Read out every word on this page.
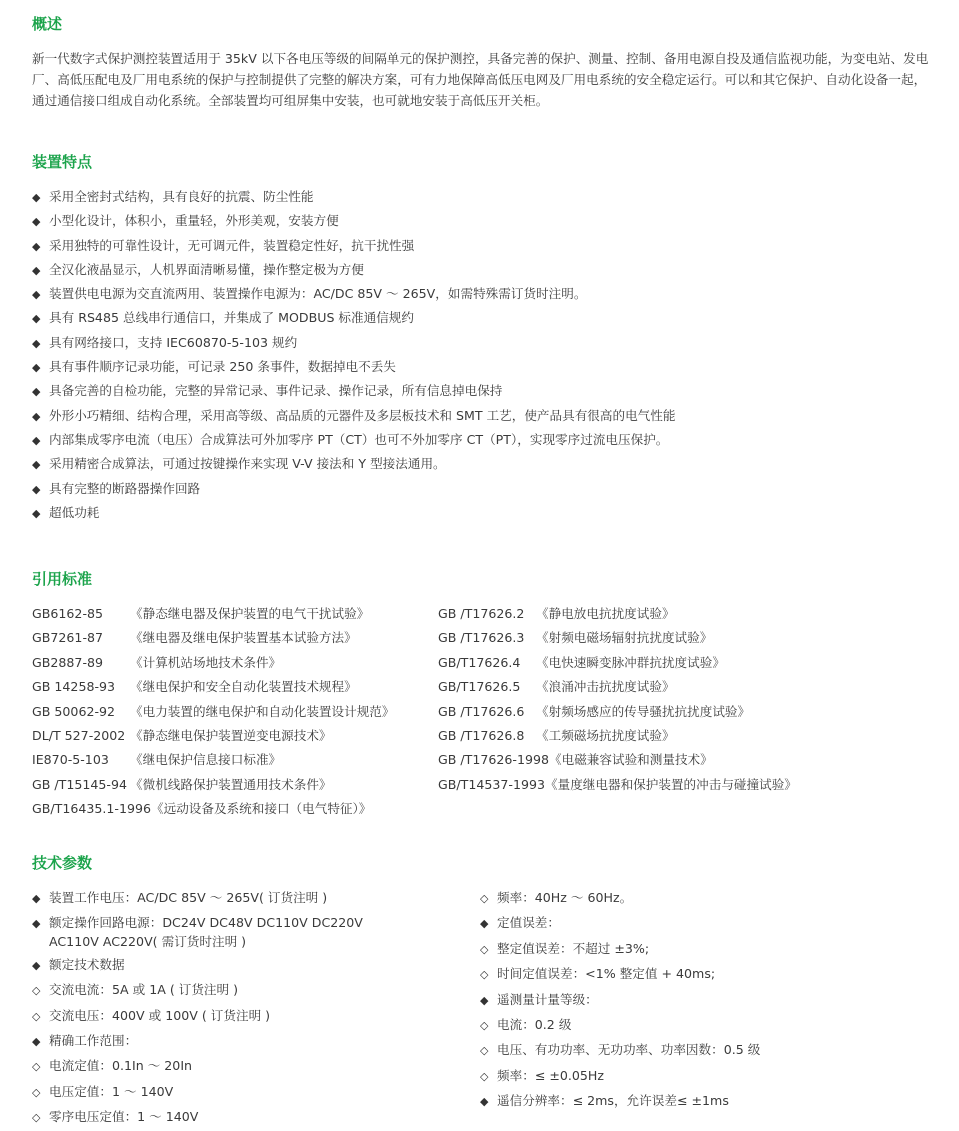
概述

新一代数字式保护测控装置适用于 35kV 以下各电压等级的间隔单元的保护测控，具备完善的保护、测量、控制、备用电源自投及通信监视功能，为变电站、发电厂、高低压配电及厂用电系统的保护与控制提供了完整的解决方案，可有力地保障高低压电网及厂用电系统的安全稳定运行。可以和其它保护、自动化设备一起，通过通信接口组成自动化系统。全部装置均可组屏集中安装，也可就地安装于高低压开关柜。

装置特点
◆ 采用全密封式结构，具有良好的抗震、防尘性能
◆ 小型化设计，体积小，重量轻，外形美观，安装方便
◆ 采用独特的可靠性设计，无可调元件，装置稳定性好，抗干扰性强
◆ 全汉化液晶显示，人机界面清晰易懂，操作整定极为方便
◆ 装置供电电源为交直流两用、装置操作电源为：AC/DC 85V ～ 265V，如需特殊需订货时注明。
◆ 具有 RS485 总线串行通信口，并集成了 MODBUS 标准通信规约
◆ 具有网络接口，支持 IEC60870-5-103 规约
◆ 具有事件顺序记录功能，可记录 250 条事件，数据掉电不丢失
◆ 具备完善的自检功能，完整的异常记录、事件记录、操作记录，所有信息掉电保持
◆ 外形小巧精细、结构合理，采用高等级、高品质的元器件及多层板技术和 SMT 工艺，使产品具有很高的电气性能
◆ 内部集成零序电流（电压）合成算法可外加零序 PT（CT）也可不外加零序 CT（PT），实现零序过流电压保护。
◆ 采用精密合成算法，可通过按键操作来实现 V-V 接法和 Y 型接法通用。
◆ 具有完整的断路器操作回路
◆ 超低功耗
引用标准
GB6162-85 《静态继电器及保护装置的电气干扰试验》
GB7261-87 《继电器及继电保护装置基本试验方法》
GB2887-89 《计算机站场地技术条件》
GB 14258-93 《继电保护和安全自动化装置技术规程》
GB 50062-92 《电力装置的继电保护和自动化装置设计规范》
DL/T 527-2002 《静态继电保护装置逆变电源技术》
IE870-5-103 《继电保护信息接口标准》
GB /T15145-94 《微机线路保护装置通用技术条件》
GB/T16435.1-1996《远动设备及系统和接口（电气特征）》
GB /T17626.2 《静电放电抗扰度试验》
GB /T17626.3 《射频电磁场辐射抗扰度试验》
GB/T17626.4 《电快速瞬变脉冲群抗扰度试验》
GB/T17626.5 《浪涌冲击抗扰度试验》
GB /T17626.6 《射频场感应的传导骚扰抗扰度试验》
GB /T17626.8 《工频磁场抗扰度试验》
GB /T17626-1998《电磁兼容试验和测量技术》
GB/T14537-1993《量度继电器和保护装置的冲击与碰撞试验》
技术参数
◆ 装置工作电压：AC/DC 85V ～ 265V( 订货注明 )
◆ 额定操作回路电源：DC24V DC48V DC110V DC220V
AC110V AC220V( 需订货时注明 )
◆ 额定技术数据
◇ 交流电流：5A 或 1A ( 订货注明 )
◇ 交流电压：400V 或 100V ( 订货注明 )
◆ 精确工作范围：
◇ 电流定值：0.1In ～ 20In
◇ 电压定值：1 ～ 140V
◇ 零序电压定值：1 ～ 140V
◇ 频率：40Hz ～ 60Hz。
◆ 定值误差：
◇ 整定值误差：不超过 ±3%;
◇ 时间定值误差：<1% 整定值 + 40ms;
◆ 遥测量计量等级：
◇ 电流：0.2 级
◇ 电压、有功功率、无功功率、功率因数：0.5 级
◇ 频率：≤ ±0.05Hz
◆ 遥信分辨率：≤ 2ms，允许误差≤ ±1ms
